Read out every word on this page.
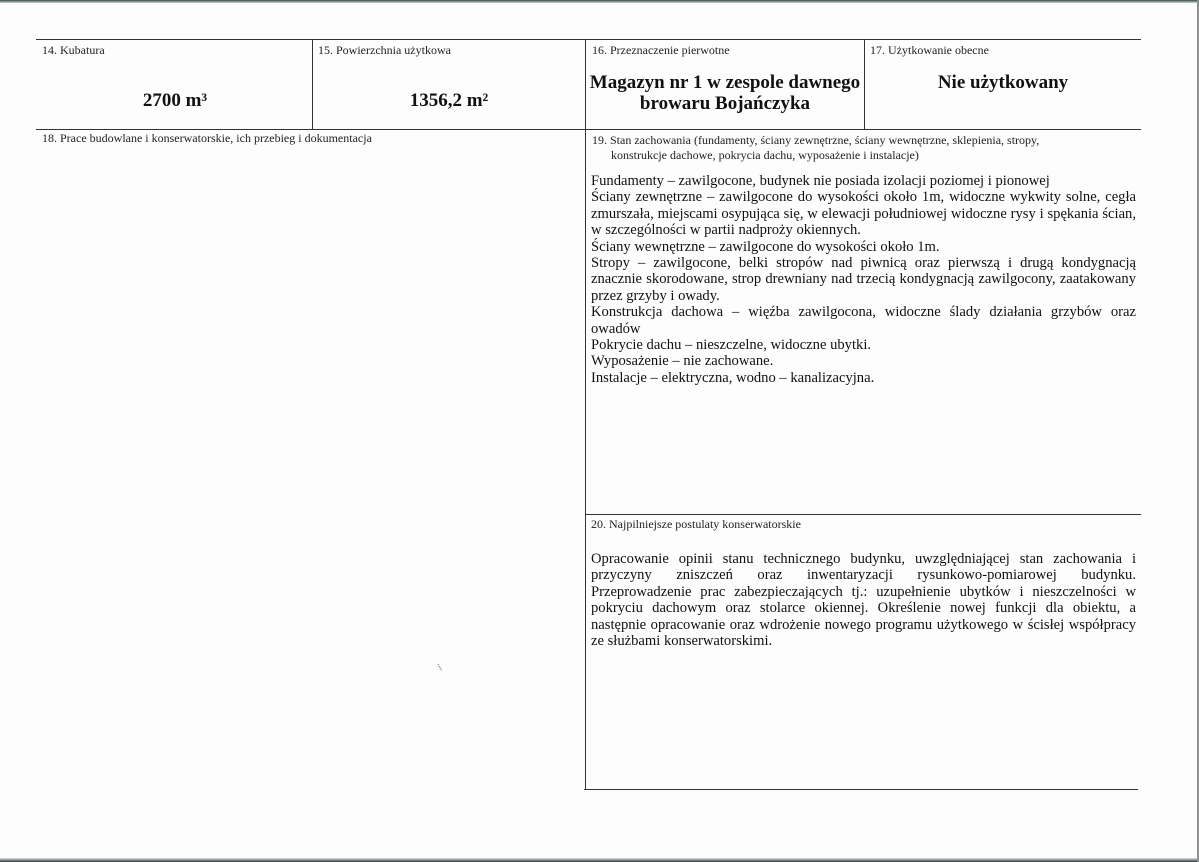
14. Kubatura
2700 m³
15. Powierzchnia użytkowa
1356,2 m²
16. Przeznaczenie pierwotne
Magazyn nr 1 w zespole dawnego
browaru Bojańczyka
17. Użytkowanie obecne
Nie użytkowany
18. Prace budowlane i konserwatorskie, ich przebieg i dokumentacja	19. Stan zachowania (fundamenty, ściany zewnętrzne, ściany wewnętrzne, sklepienia, stropy,
konstrukcje dachowe, pokrycia dachu, wyposażenie i instalacje)

Fundamenty – zawilgocone, budynek nie posiada izolacji poziomej i pionowej

Ściany zewnętrzne – zawilgocone do wysokości około 1m, widoczne wykwity solne, cegła zmurszała, miejscami osypująca się, w elewacji południowej widoczne rysy i spękania ścian, w szczególności w partii nadproży okiennych.

Ściany wewnętrzne – zawilgocone do wysokości około 1m.

Stropy – zawilgocone, belki stropów nad piwnicą oraz pierwszą i drugą kondygnacją znacznie skorodowane, strop drewniany nad trzecią kondygnacją zawilgocony, zaatakowany przez grzyby i owady.

Konstrukcja dachowa – więźba zawilgocona, widoczne ślady działania grzybów oraz owadów

Pokrycie dachu – nieszczelne, widoczne ubytki.

Wyposażenie – nie zachowane.

Instalacje – elektryczna, wodno – kanalizacyjna.

20. Najpilniejsze postulaty konserwatorskie
Opracowanie opinii stanu technicznego budynku, uwzględniającej stan zachowania i przyczyny zniszczeń oraz inwentaryzacji rysunkowo-pomiarowej budynku. Przeprowadzenie prac zabezpieczających tj.: uzupełnienie ubytków i nieszczelności w pokryciu dachowym oraz stolarce okiennej. Określenie nowej funkcji dla obiektu, a następnie opracowanie oraz wdrożenie nowego programu użytkowego w ścisłej współpracy ze służbami konserwatorskimi.
